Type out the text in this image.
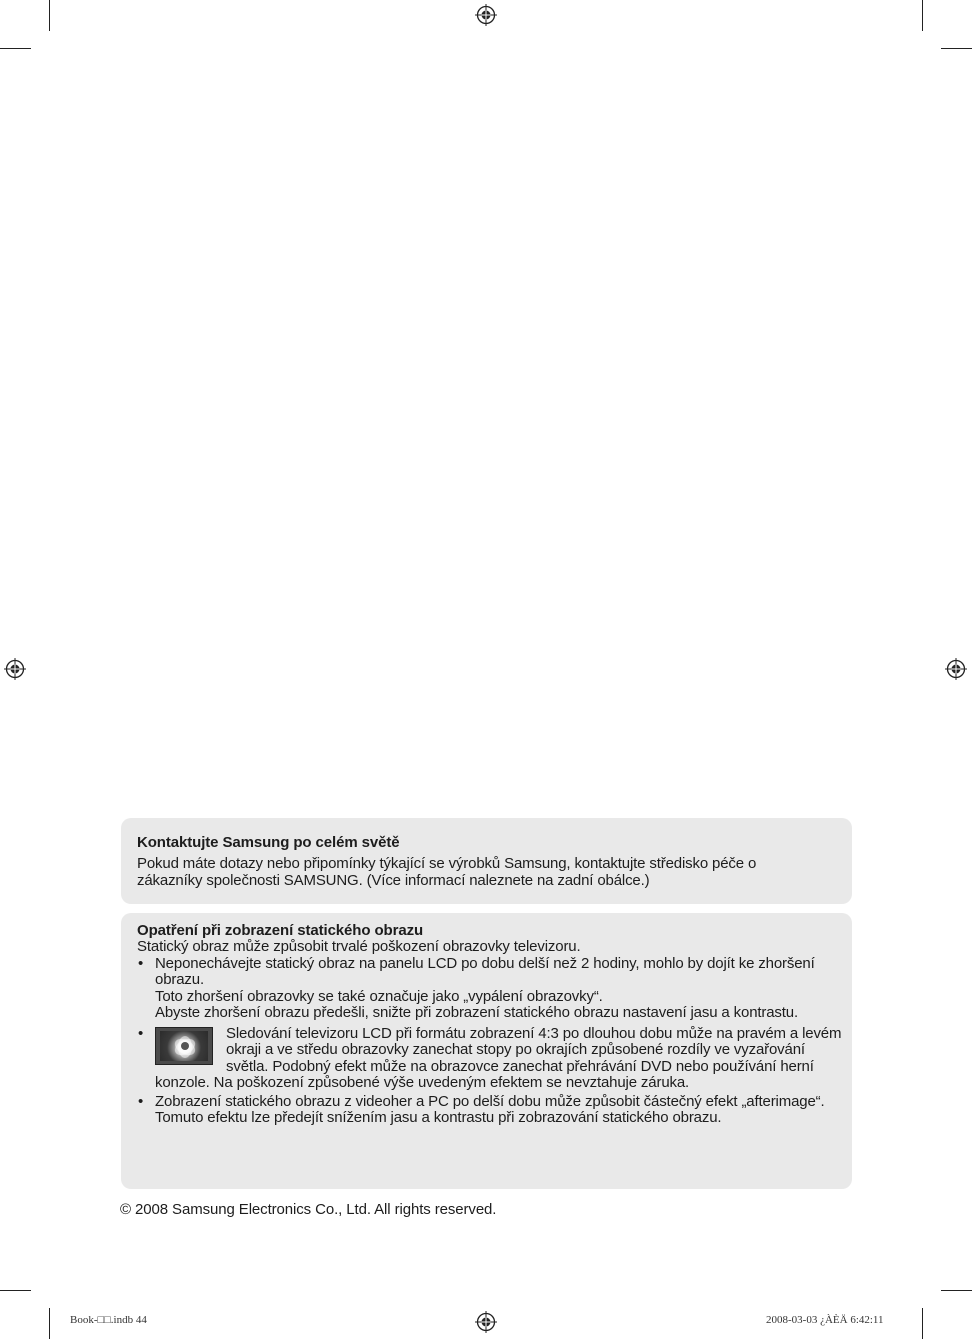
Kontaktujte Samsung po celém světě

Pokud máte dotazy nebo připomínky týkající se výrobků Samsung, kontaktujte středisko péče o
zákazníky společnosti SAMSUNG. (Více informací naleznete na zadní obálce.)

Opatření při zobrazení statického obrazu

Statický obraz může způsobit trvalé poškození obrazovky televizoru.

• Neponechávejte statický obraz na panelu LCD po dobu delší než 2 hodiny, mohlo by dojít ke zhoršení obrazu.

Toto zhoršení obrazovky se také označuje jako „vypálení obrazovky“.

Abyste zhoršení obrazu předešli, snižte při zobrazení statického obrazu nastavení jasu a kontrastu.

• Sledování televizoru LCD při formátu zobrazení 4:3 po dlouhou dobu může na pravém a levém okraji a ve středu obrazovky zanechat stopy po okrajích způsobené rozdíly ve vyzařování světla. Podobný efekt může na obrazovce zanechat přehrávání DVD nebo používání herní konzole. Na poškození způsobené výše uvedeným efektem se nevztahuje záruka.

• Zobrazení statického obrazu z videoher a PC po delší dobu může způsobit částečný efekt „afterimage“.

Tomuto efektu lze předejít snížením jasu a kontrastu při zobrazování statického obrazu.

© 2008 Samsung Electronics Co., Ltd. All rights reserved.
Book-□□.indb 44	2008-03-03 ¿ÀÈÄ 6:42:11
